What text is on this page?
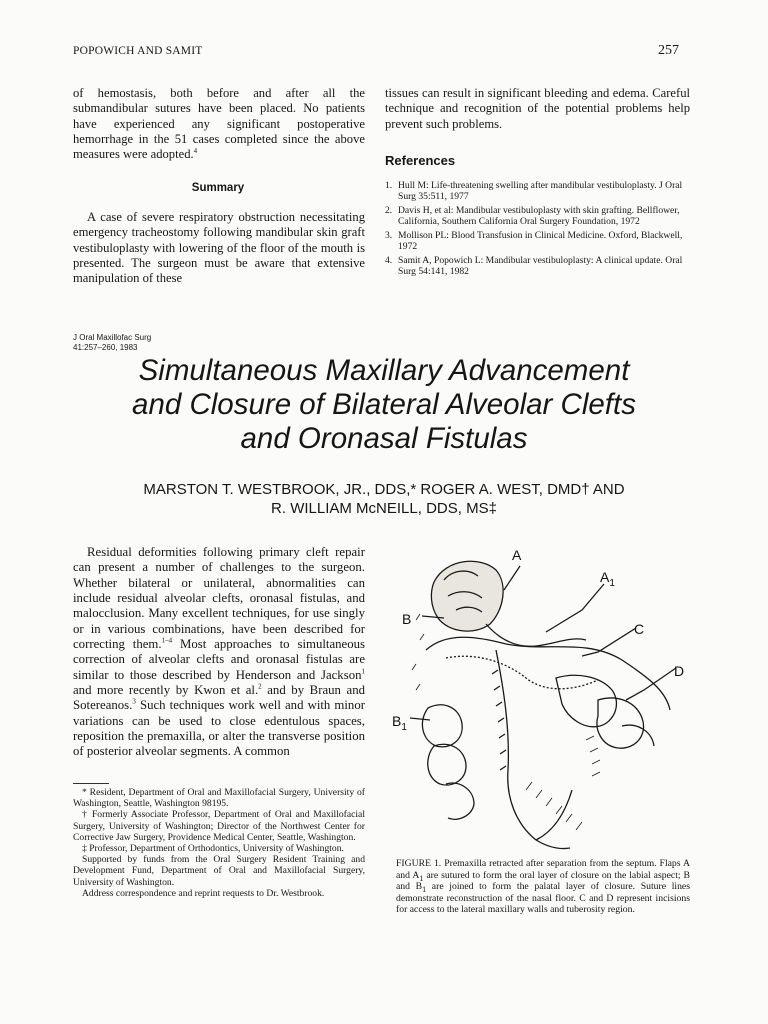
POPOWICH AND SAMIT	257

of hemostasis, both before and after all the submandibular sutures have been placed. No patients have experienced any significant postoperative hemorrhage in the 51 cases completed since the above measures were adopted.$^4$

Summary

A case of severe respiratory obstruction necessitating emergency tracheostomy following mandibular skin graft vestibuloplasty with lowering of the floor of the mouth is presented. The surgeon must be aware that extensive manipulation of these

tissues can result in significant bleeding and edema. Careful technique and recognition of the potential problems help prevent such problems.

References
1. Hull M: Life-threatening swelling after mandibular vestibuloplasty. J Oral Surg 35:511, 1977
2. Davis H, et al: Mandibular vestibuloplasty with skin grafting. Bellflower, California, Southern California Oral Surgery Foundation, 1972
3. Mollison PL: Blood Transfusion in Clinical Medicine. Oxford, Blackwell, 1972
4. Samit A, Popowich L: Mandibular vestibuloplasty: A clinical update. Oral Surg 54:141, 1982
J Oral Maxillofac Surg
41:257–260, 1983
Simultaneous Maxillary Advancement
and Closure of Bilateral Alveolar Clefts
and Oronasal Fistulas
MARSTON T. WESTBROOK, JR., DDS,* ROGER A. WEST, DMD† AND
R. WILLIAM McNEILL, DDS, MS‡

Residual deformities following primary cleft repair can present a number of challenges to the surgeon. Whether bilateral or unilateral, abnormalities can include residual alveolar clefts, oronasal fistulas, and malocclusion. Many excellent techniques, for use singly or in various combinations, have been described for correcting them.$^{1-4}$ Most approaches to simultaneous correction of alveolar clefts and oronasal fistulas are similar to those described by Henderson and Jackson$^1$ and more recently by Kwon et al.$^2$ and by Braun and Sotereanos.$^3$ Such techniques work well and with minor variations can be used to close edentulous spaces, reposition the premaxilla, or alter the transverse position of posterior alveolar segments. A common

* Resident, Department of Oral and Maxillofacial Surgery, University of Washington, Seattle, Washington 98195.

† Formerly Associate Professor, Department of Oral and Maxillofacial Surgery, University of Washington; Director of the Northwest Center for Corrective Jaw Surgery, Providence Medical Center, Seattle, Washington.

‡ Professor, Department of Orthodontics, University of Washington.

Supported by funds from the Oral Surgery Resident Training and Development Fund, Department of Oral and Maxillofacial Surgery, University of Washington.

Address correspondence and reprint requests to Dr. Westbrook.

A
$A_1$
B
C
D
$B_1$
FIGURE 1. Premaxilla retracted after separation from the septum. Flaps A and $A_1$ are sutured to form the oral layer of closure on the labial aspect; B and $B_1$ are joined to form the palatal layer of closure. Suture lines demonstrate reconstruction of the nasal floor. C and D represent incisions for access to the lateral maxillary walls and tuberosity region.
